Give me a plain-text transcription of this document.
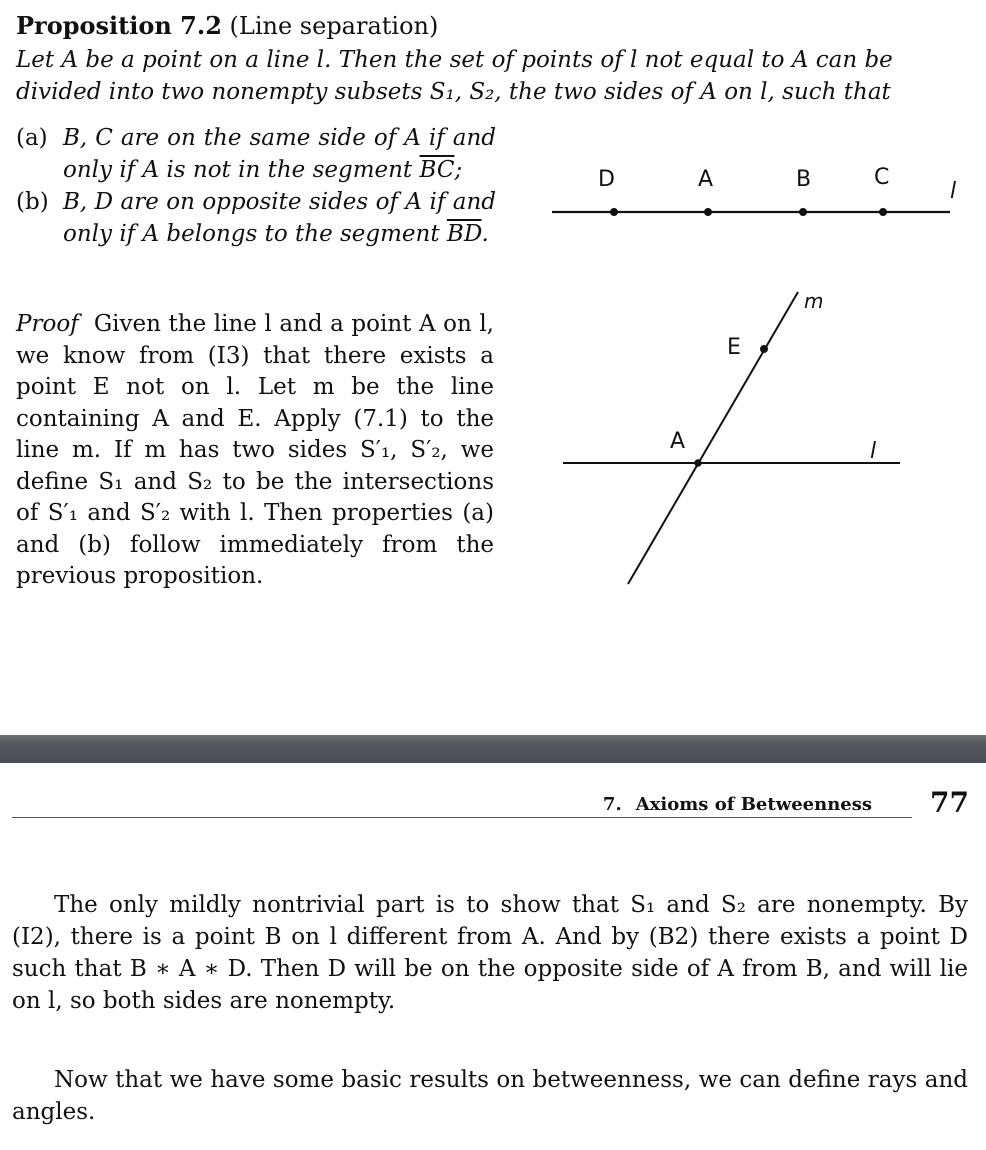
Proposition 7.2 (Line separation)
Let A be a point on a line l. Then the set of points of l not equal to A can be divided into two nonempty subsets S₁, S₂, the two sides of A on l, such that
(a) B, C are on the same side of A if and only if A is not in the segment $\overline{BC}$;
(b) B, D are on opposite sides of A if and only if A belongs to the segment $\overline{BD}$.
Proof Given the line l and a point A on l, we know from (I3) that there exists a point E not on l. Let m be the line containing A and E. Apply (7.1) to the line m. If m has two sides S′₁, S′₂, we define S₁ and S₂ to be the intersections of S′₁ and S′₂ with l. Then properties (a) and (b) follow immediately from the previous proposition.
D	A	B	C
l
m
E
A	l
7. Axioms of Betweenness 77
The only mildly nontrivial part is to show that S₁ and S₂ are nonempty. By (I2), there is a point B on l different from A. And by (B2) there exists a point D such that B ∗ A ∗ D. Then D will be on the opposite side of A from B, and will lie on l, so both sides are nonempty.
Now that we have some basic results on betweenness, we can define rays and angles.
